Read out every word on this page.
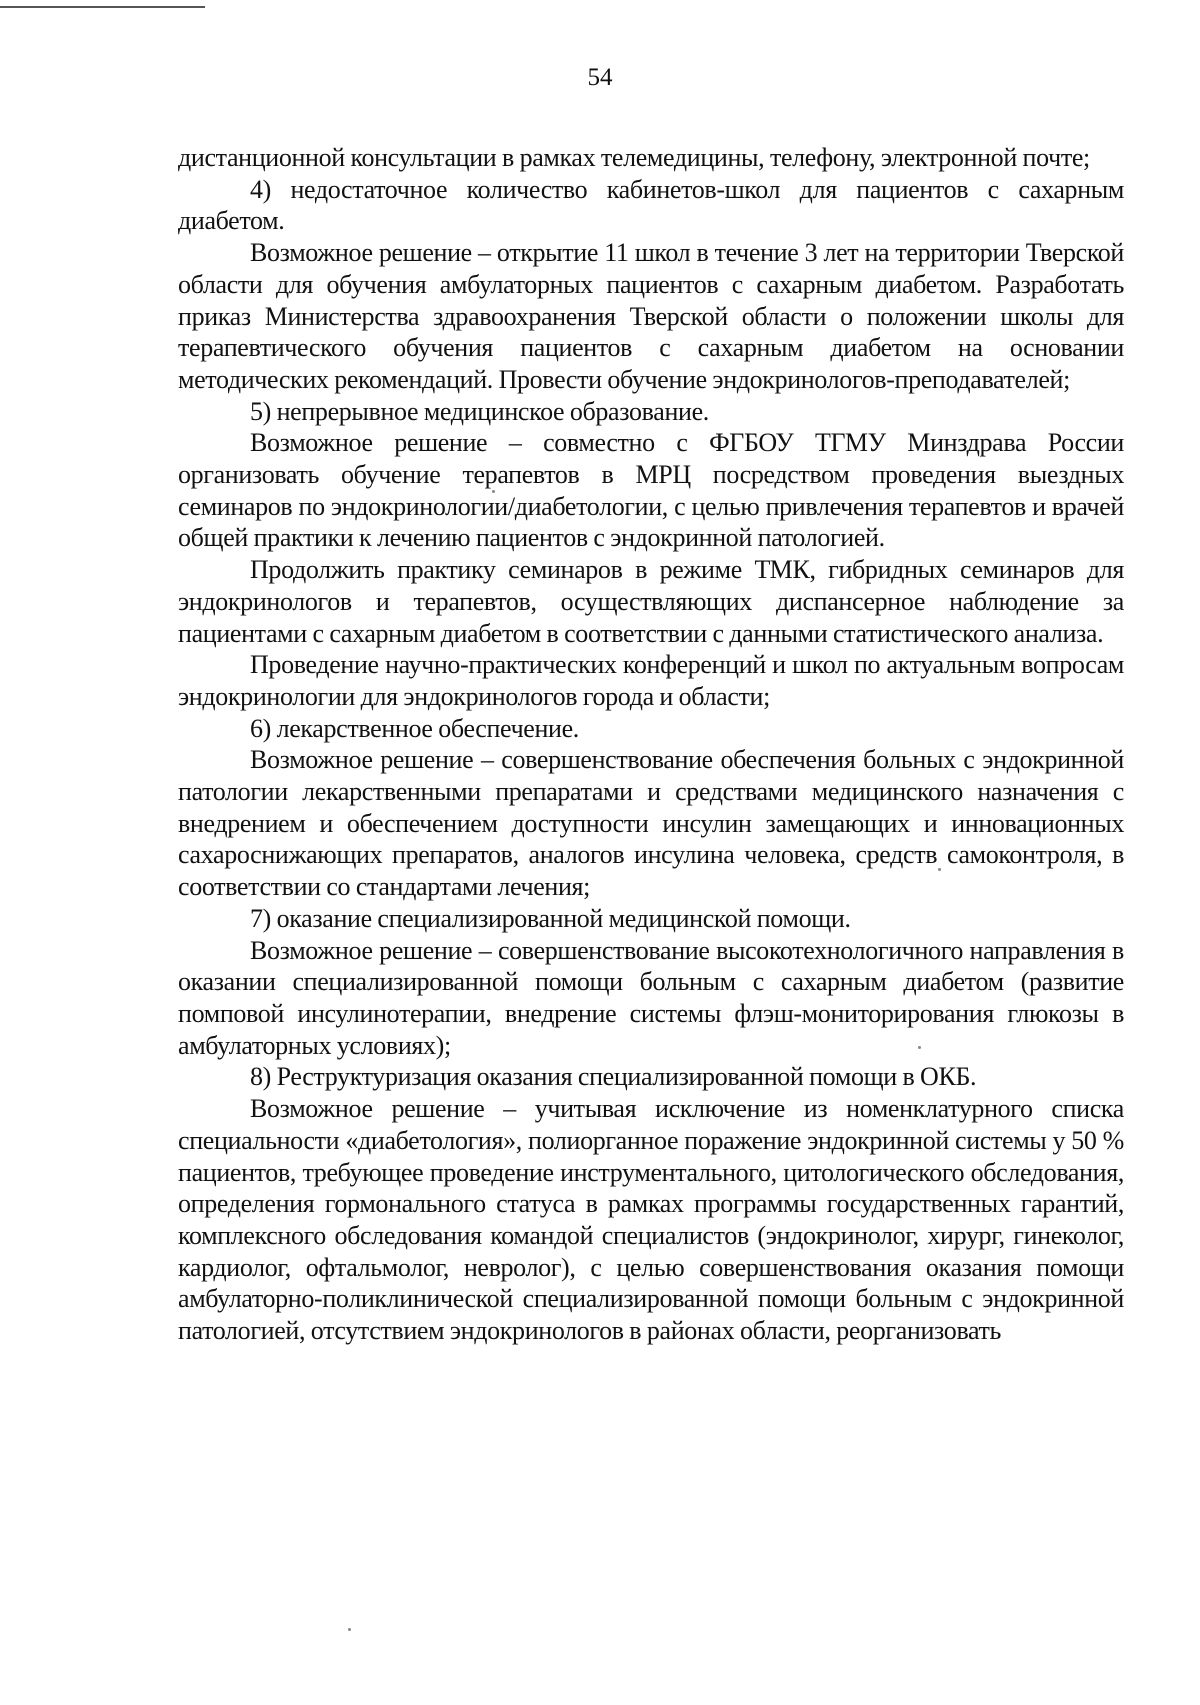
54

дистанционной консультации в рамках телемедицины, телефону, электронной почте;

4) недостаточное количество кабинетов-школ для пациентов с сахарным диабетом.

Возможное решение – открытие 11 школ в течение 3 лет на территории Тверской области для обучения амбулаторных пациентов с сахарным диабетом. Разработать приказ Министерства здравоохранения Тверской области о положении школы для терапевтического обучения пациентов с сахарным диабетом на основании методических рекомендаций. Провести обучение эндокринологов-преподавателей;

5) непрерывное медицинское образование.

Возможное решение – совместно с ФГБОУ ТГМУ Минздрава России организовать обучение терапевтов в МРЦ посредством проведения выездных семинаров по эндокринологии/диабетологии, с целью привлечения терапевтов и врачей общей практики к лечению пациентов с эндокринной патологией.

Продолжить практику семинаров в режиме ТМК, гибридных семинаров для эндокринологов и терапевтов, осуществляющих диспансерное наблюдение за пациентами с сахарным диабетом в соответствии с данными статистического анализа.

Проведение научно-практических конференций и школ по актуальным вопросам эндокринологии для эндокринологов города и области;

6) лекарственное обеспечение.

Возможное решение – совершенствование обеспечения больных с эндокринной патологии лекарственными препаратами и средствами медицинского назначения с внедрением и обеспечением доступности инсулин замещающих и инновационных сахароснижающих препаратов, аналогов инсулина человека, средств самоконтроля, в соответствии со стандартами лечения;

7) оказание специализированной медицинской помощи.

Возможное решение – совершенствование высокотехнологичного направления в оказании специализированной помощи больным с сахарным диабетом (развитие помповой инсулинотерапии, внедрение системы флэш-мониторирования глюкозы в амбулаторных условиях);

8) Реструктуризация оказания специализированной помощи в ОКБ.

Возможное решение – учитывая исключение из номенклатурного списка специальности «диабетология», полиорганное поражение эндокринной системы у 50 % пациентов, требующее проведение инструментального, цитологического обследования, определения гормонального статуса в рамках программы государственных гарантий, комплексного обследования командой специалистов (эндокринолог, хирург, гинеколог, кардиолог, офтальмолог, невролог), с целью совершенствования оказания помощи амбулаторно-поликлинической специализированной помощи больным с эндокринной патологией, отсутствием эндокринологов в районах области, реорганизовать
